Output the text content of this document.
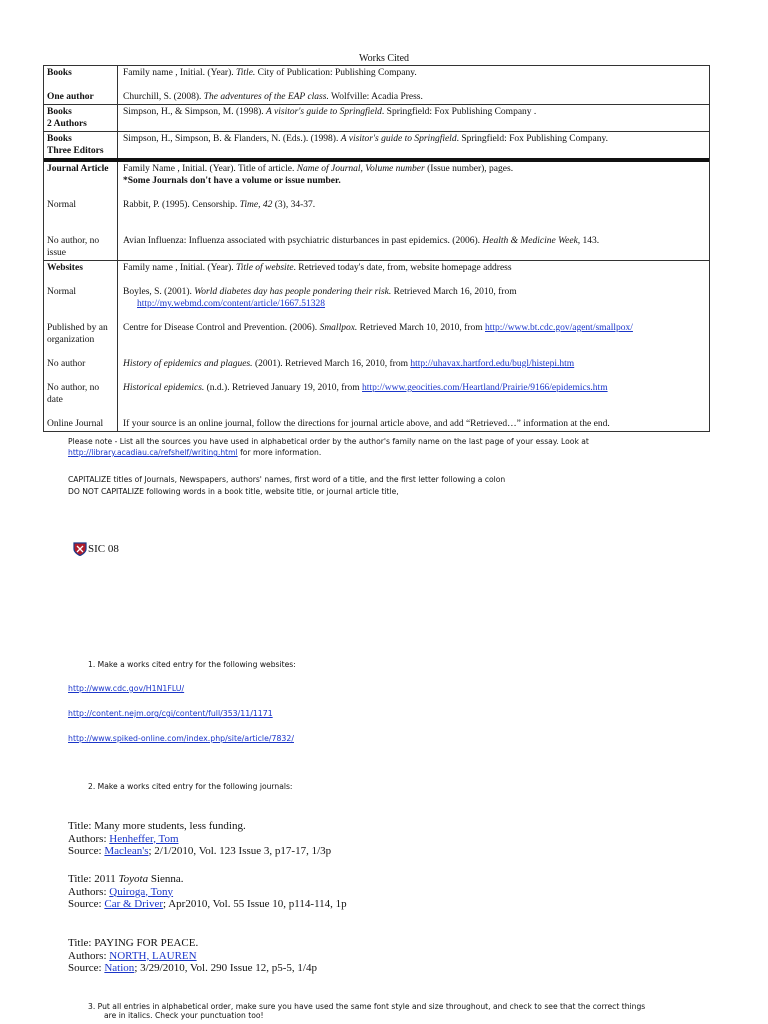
Works Cited
Books

One author
Family name , Initial. (Year). Title. City of Publication: Publishing Company.

Churchill, S. (2008). The adventures of the EAP class. Wolfville: Acadia Press.
Books
2 Authors
Simpson, H., & Simpson, M. (1998). A visitor's guide to Springfield. Springfield: Fox Publishing Company .
Books
Three Editors
Simpson, H., Simpson, B. & Flanders, N. (Eds.). (1998). A visitor's guide to Springfield. Springfield: Fox Publishing Company.
Journal Article

Normal

No author, no issue
Family Name , Initial. (Year). Title of article. Name of Journal, Volume number (Issue number), pages.
*Some Journals don't have a volume or issue number.

Rabbit, P. (1995). Censorship. Time, 42 (3), 34-37.

Avian Influenza: Influenza associated with psychiatric disturbances in past epidemics. (2006). Health & Medicine Week, 143.
Websites

Normal

Published by an organization

No author

No author, no date

Online Journal
Family name , Initial. (Year). Title of website. Retrieved today's date, from, website homepage address

Boyles, S. (2001). World diabetes day has people pondering their risk. Retrieved March 16, 2010, from
http://my.webmd.com/content/article/1667.51328

Centre for Disease Control and Prevention. (2006). Smallpox. Retrieved March 10, 2010, from http://www.bt.cdc.gov/agent/smallpox/

History of epidemics and plagues. (2001). Retrieved March 16, 2010, from http://uhavax.hartford.edu/bugl/histepi.htm

Historical epidemics. (n.d.). Retrieved January 19, 2010, from http://www.geocities.com/Heartland/Prairie/9166/epidemics.htm

If your source is an online journal, follow the directions for journal article above, and add “Retrieved…” information at the end.
Please note - List all the sources you have used in alphabetical order by the author's family name on the last page of your essay. Look at
http://library.acadiau.ca/refshelf/writing.html for more information.
CAPITALIZE titles of Journals, Newspapers, authors' names, first word of a title, and the first letter following a colon
DO NOT CAPITALIZE following words in a book title, website title, or journal article title,
SIC 08
1. Make a works cited entry for the following websites:
http://www.cdc.gov/H1N1FLU/
http://content.nejm.org/cgi/content/full/353/11/1171
http://www.spiked-online.com/index.php/site/article/7832/
2. Make a works cited entry for the following journals:
Title: Many more students, less funding.
Authors: Henheffer, Tom
Source: Maclean's; 2/1/2010, Vol. 123 Issue 3, p17-17, 1/3p
Title: 2011 Toyota Sienna.
Authors: Quiroga, Tony
Source: Car & Driver; Apr2010, Vol. 55 Issue 10, p114-114, 1p
Title: PAYING FOR PEACE.
Authors: NORTH, LAUREN
Source: Nation; 3/29/2010, Vol. 290 Issue 12, p5-5, 1/4p
3. Put all entries in alphabetical order, make sure you have used the same font style and size throughout, and check to see that the correct things
are in italics. Check your punctuation too!
